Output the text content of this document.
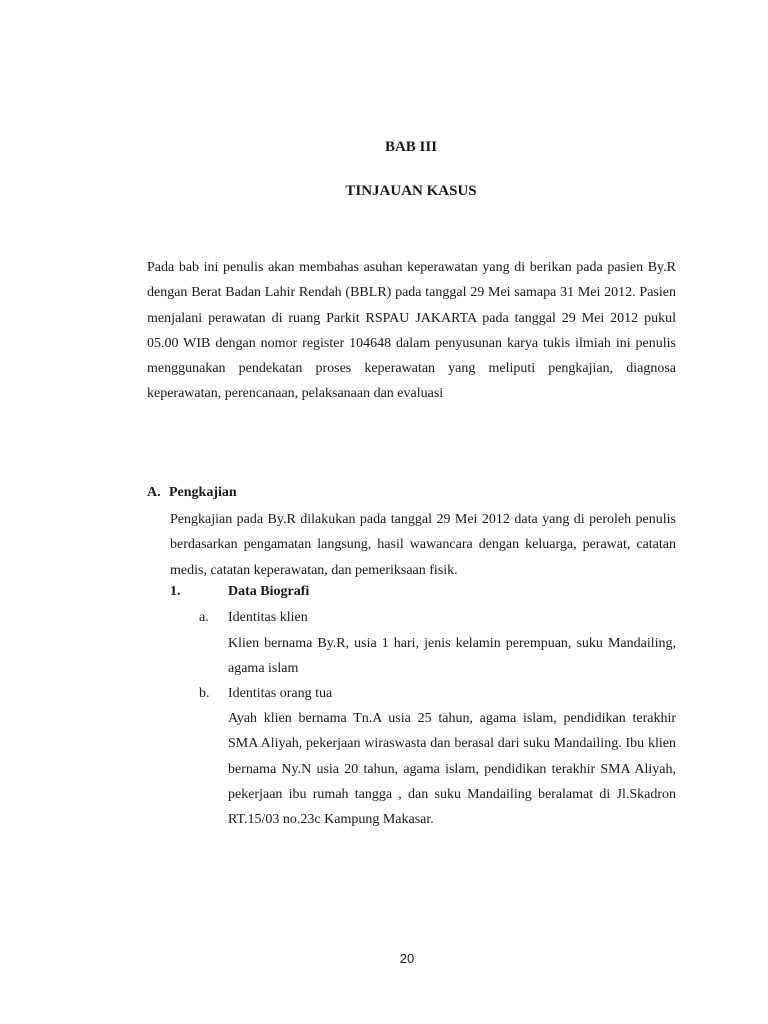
BAB III
TINJAUAN KASUS

Pada bab ini penulis akan membahas asuhan keperawatan yang di berikan pada pasien By.R dengan Berat Badan Lahir Rendah (BBLR) pada tanggal 29 Mei samapa 31 Mei 2012. Pasien menjalani perawatan di ruang Parkit RSPAU JAKARTA pada tanggal 29 Mei 2012 pukul 05.00 WIB dengan nomor register 104648 dalam penyusunan karya tukis ilmiah ini penulis menggunakan pendekatan proses keperawatan yang meliputi pengkajian, diagnosa keperawatan, perencanaan, pelaksanaan dan evaluasi

A. Pengkajian

Pengkajian pada By.R dilakukan pada tanggal 29 Mei 2012 data yang di peroleh penulis berdasarkan pengamatan langsung, hasil wawancara dengan keluarga, perawat, catatan medis, catatan keperawatan, dan pemeriksaan fisik.

1.	Data Biografi
a. Identitas klien

Klien bernama By.R, usia 1 hari, jenis kelamin perempuan, suku Mandailing, agama islam

b. Identitas orang tua

Ayah klien bernama Tn.A usia 25 tahun, agama islam, pendidikan terakhir SMA Aliyah, pekerjaan wiraswasta dan berasal dari suku Mandailing. Ibu klien bernama Ny.N usia 20 tahun, agama islam, pendidikan terakhir SMA Aliyah, pekerjaan ibu rumah tangga , dan suku Mandailing beralamat di Jl.Skadron RT.15/03 no.23c Kampung Makasar.

20
